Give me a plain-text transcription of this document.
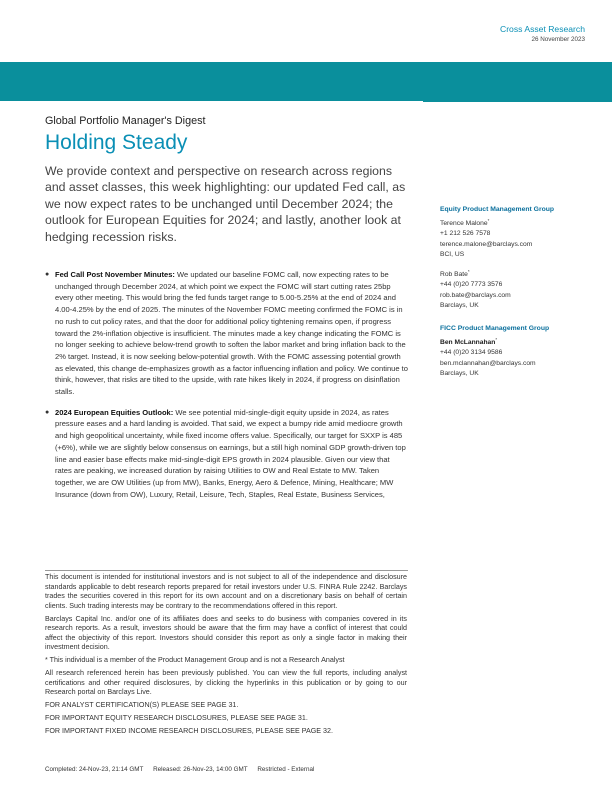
Cross Asset Research
26 November 2023
FOCUS
Global Portfolio Manager's Digest
Holding Steady
We provide context and perspective on research across regions and asset classes, this week highlighting: our updated Fed call, as we now expect rates to be unchanged until December 2024; the outlook for European Equities for 2024; and lastly, another look at hedging recession risks.
● Fed Call Post November Minutes: We updated our baseline FOMC call, now expecting rates to be unchanged through December 2024, at which point we expect the FOMC will start cutting rates 25bp every other meeting. This would bring the fed funds target range to 5.00-5.25% at the end of 2024 and 4.00-4.25% by the end of 2025. The minutes of the November FOMC meeting confirmed the FOMC is in no rush to cut policy rates, and that the door for additional policy tightening remains open, if progress toward the 2%-inflation objective is insufficient. The minutes made a key change indicating the FOMC is no longer seeking to achieve below-trend growth to soften the labor market and bring inflation back to the 2% target. Instead, it is now seeking below-potential growth. With the FOMC assessing potential growth as elevated, this change de-emphasizes growth as a factor influencing inflation and policy. We continue to think, however, that risks are tilted to the upside, with rate hikes likely in 2024, if progress on disinflation stalls.
● 2024 European Equities Outlook: We see potential mid-single-digit equity upside in 2024, as rates pressure eases and a hard landing is avoided. That said, we expect a bumpy ride amid mediocre growth and high geopolitical uncertainty, while fixed income offers value. Specifically, our target for SXXP is 485 (+6%), while we are slightly below consensus on earnings, but a still high nominal GDP growth-driven top line and easier base effects make mid-single-digit EPS growth in 2024 plausible. Given our view that rates are peaking, we increased duration by raising Utilities to OW and Real Estate to MW. Taken together, we are OW Utilities (up from MW), Banks, Energy, Aero & Defence, Mining, Healthcare; MW Insurance (down from OW), Luxury, Retail, Leisure, Tech, Staples, Real Estate, Business Services,
Equity Product Management Group
Terence Malone*
+1 212 526 7578
terence.malone@barclays.com
BCI, US
Rob Bate*
+44 (0)20 7773 3576
rob.bate@barclays.com
Barclays, UK
FICC Product Management Group
Ben McLannahan*
+44 (0)20 3134 9586
ben.mclannahan@barclays.com
Barclays, UK

This document is intended for institutional investors and is not subject to all of the independence and disclosure standards applicable to debt research reports prepared for retail investors under U.S. FINRA Rule 2242. Barclays trades the securities covered in this report for its own account and on a discretionary basis on behalf of certain clients. Such trading interests may be contrary to the recommendations offered in this report.

Barclays Capital Inc. and/or one of its affiliates does and seeks to do business with companies covered in its research reports. As a result, investors should be aware that the firm may have a conflict of interest that could affect the objectivity of this report. Investors should consider this report as only a single factor in making their investment decision.

* This individual is a member of the Product Management Group and is not a Research Analyst

All research referenced herein has been previously published. You can view the full reports, including analyst certifications and other required disclosures, by clicking the hyperlinks in this publication or by going to our Research portal on Barclays Live.

FOR ANALYST CERTIFICATION(S) PLEASE SEE PAGE 31.

FOR IMPORTANT EQUITY RESEARCH DISCLOSURES, PLEASE SEE PAGE 31.

FOR IMPORTANT FIXED INCOME RESEARCH DISCLOSURES, PLEASE SEE PAGE 32.

Completed: 24-Nov-23, 21:14 GMT Released: 26-Nov-23, 14:00 GMT Restricted - External
